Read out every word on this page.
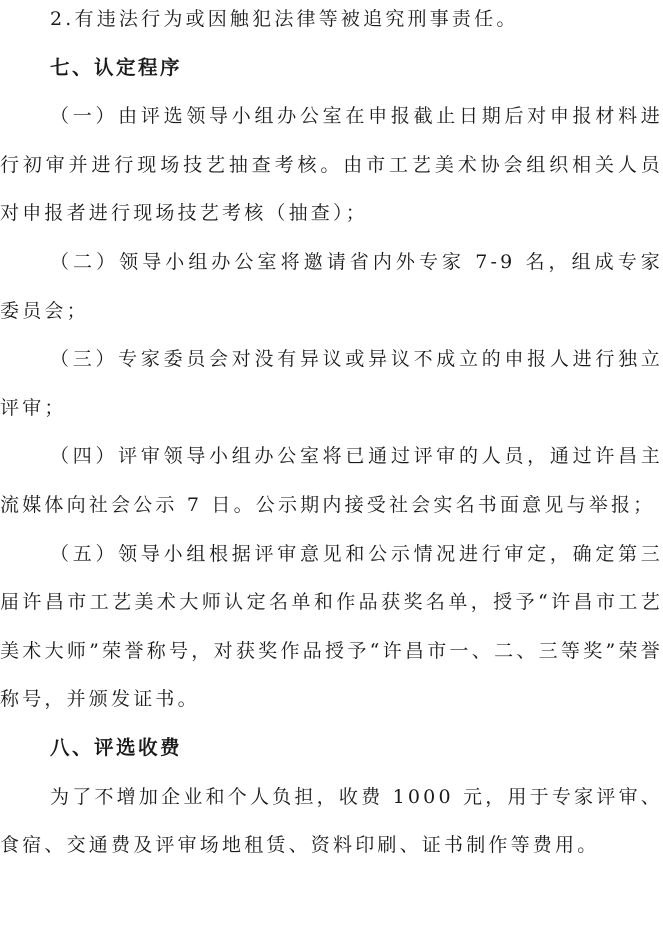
2.有违法行为或因触犯法律等被追究刑事责任。

七、认定程序

（一）由评选领导小组办公室在申报截止日期后对申报材料进行初审并进行现场技艺抽查考核。由市工艺美术协会组织相关人员对申报者进行现场技艺考核（抽查）；

（二）领导小组办公室将邀请省内外专家 7-9 名，组成专家委员会；

（三）专家委员会对没有异议或异议不成立的申报人进行独立评审；

（四）评审领导小组办公室将已通过评审的人员，通过许昌主流媒体向社会公示 7 日。公示期内接受社会实名书面意见与举报；

（五）领导小组根据评审意见和公示情况进行审定，确定第三届许昌市工艺美术大师认定名单和作品获奖名单，授予“许昌市工艺美术大师”荣誉称号，对获奖作品授予“许昌市一、二、三等奖”荣誉称号，并颁发证书。

八、评选收费

为了不增加企业和个人负担，收费 1000 元，用于专家评审、食宿、交通费及评审场地租赁、资料印刷、证书制作等费用。
